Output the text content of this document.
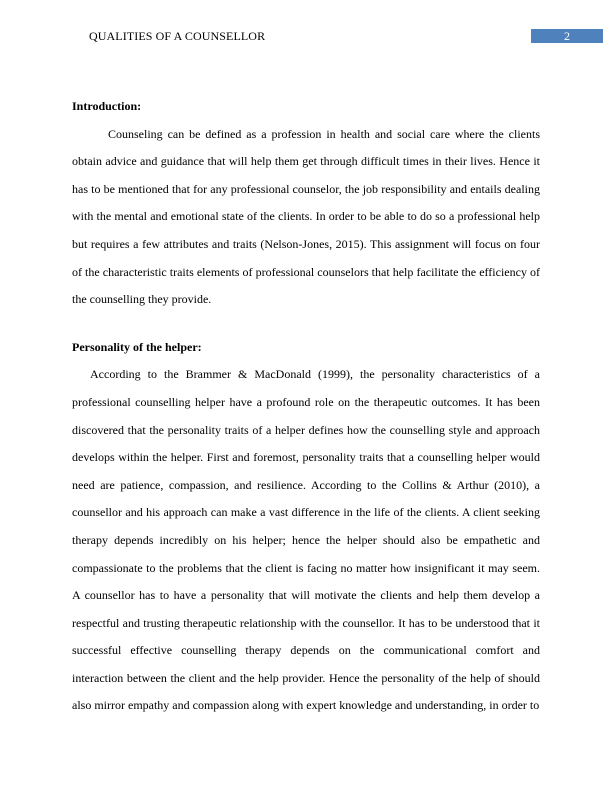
QUALITIES OF A COUNSELLOR	2

Introduction:

Counseling can be defined as a profession in health and social care where the clients obtain advice and guidance that will help them get through difficult times in their lives. Hence it has to be mentioned that for any professional counselor, the job responsibility and entails dealing with the mental and emotional state of the clients. In order to be able to do so a professional help but requires a few attributes and traits (Nelson-Jones, 2015). This assignment will focus on four of the characteristic traits elements of professional counselors that help facilitate the efficiency of the counselling they provide.

Personality of the helper:

According to the Brammer & MacDonald (1999), the personality characteristics of a professional counselling helper have a profound role on the therapeutic outcomes. It has been discovered that the personality traits of a helper defines how the counselling style and approach develops within the helper. First and foremost, personality traits that a counselling helper would need are patience, compassion, and resilience. According to the Collins & Arthur (2010), a counsellor and his approach can make a vast difference in the life of the clients. A client seeking therapy depends incredibly on his helper; hence the helper should also be empathetic and compassionate to the problems that the client is facing no matter how insignificant it may seem. A counsellor has to have a personality that will motivate the clients and help them develop a respectful and trusting therapeutic relationship with the counsellor. It has to be understood that it successful effective counselling therapy depends on the communicational comfort and interaction between the client and the help provider. Hence the personality of the help of should also mirror empathy and compassion along with expert knowledge and understanding, in order to
